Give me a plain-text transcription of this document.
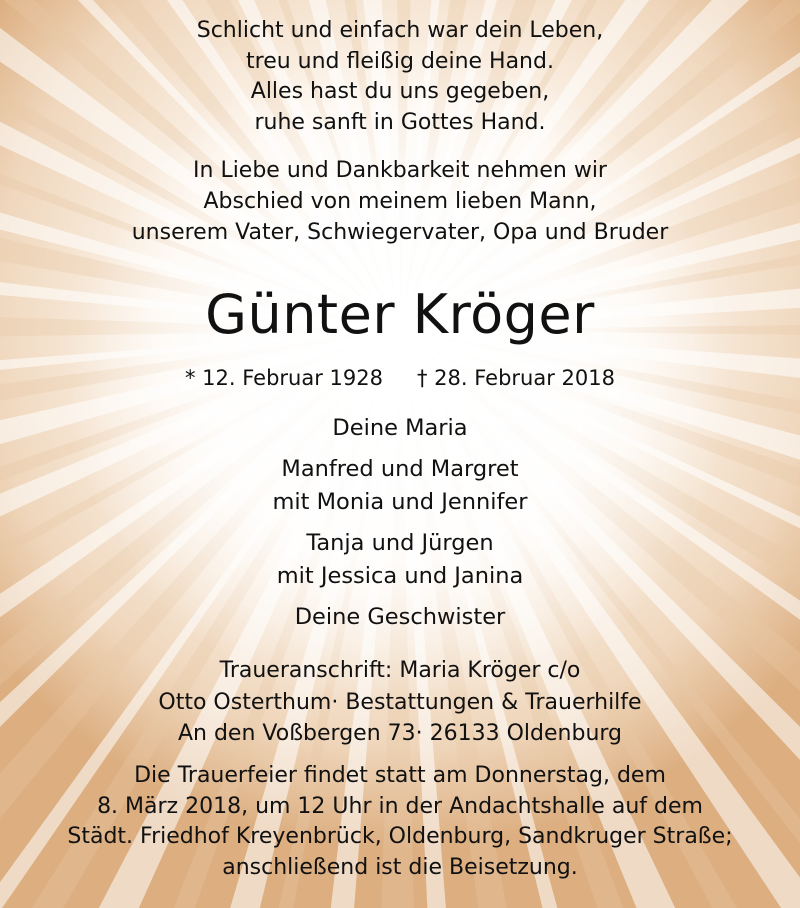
Schlicht und einfach war dein Leben,
treu und fleißig deine Hand.
Alles hast du uns gegeben,
ruhe sanft in Gottes Hand.
In Liebe und Dankbarkeit nehmen wir
Abschied von meinem lieben Mann,
unserem Vater, Schwiegervater, Opa und Bruder
Günter Kröger
* 12. Februar 1928 † 28. Februar 2018
Deine Maria
Manfred und Margret
mit Monia und Jennifer
Tanja und Jürgen
mit Jessica und Janina
Deine Geschwister
Traueranschrift: Maria Kröger c/o
Otto Osterthum· Bestattungen & Trauerhilfe
An den Voßbergen 73· 26133 Oldenburg
Die Trauerfeier findet statt am Donnerstag, dem
8. März 2018, um 12 Uhr in der Andachtshalle auf dem
Städt. Friedhof Kreyenbrück, Oldenburg, Sandkruger Straße;
anschließend ist die Beisetzung.
